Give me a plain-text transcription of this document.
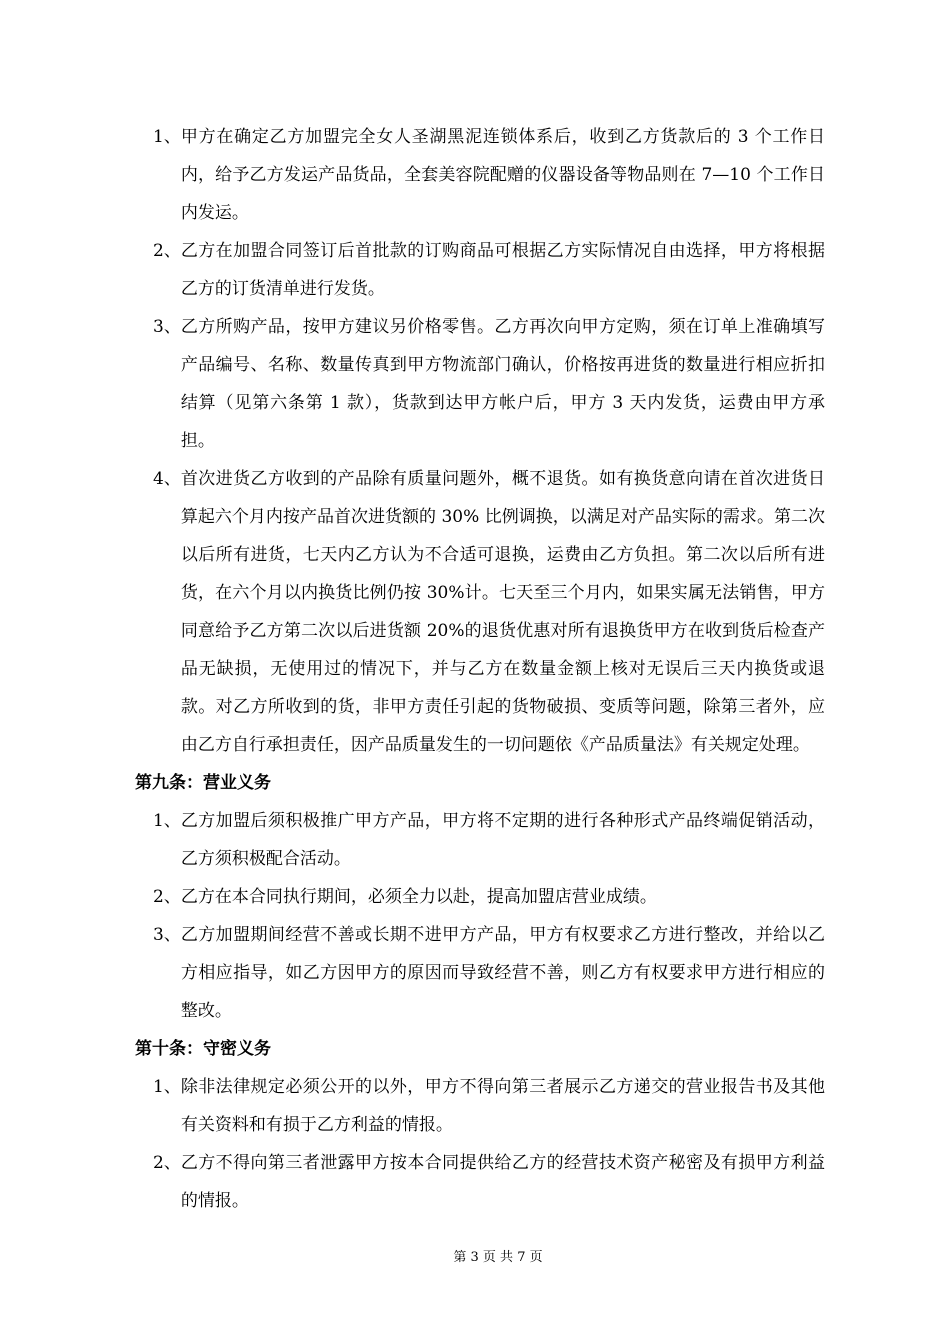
1、 甲方在确定乙方加盟完全女人圣湖黑泥连锁体系后，收到乙方货款后的 3 个工作日内，给予乙方发运产品货品，全套美容院配赠的仪器设备等物品则在 7—10 个工作日内发运。
2、 乙方在加盟合同签订后首批款的订购商品可根据乙方实际情况自由选择，甲方将根据乙方的订货清单进行发货。
3、 乙方所购产品，按甲方建议另价格零售。乙方再次向甲方定购，须在订单上准确填写产品编号、名称、数量传真到甲方物流部门确认，价格按再进货的数量进行相应折扣结算（见第六条第 1 款），货款到达甲方帐户后，甲方 3 天内发货，运费由甲方承担。
4、 首次进货乙方收到的产品除有质量问题外，概不退货。如有换货意向请在首次进货日算起六个月内按产品首次进货额的 30% 比例调换，以满足对产品实际的需求。第二次以后所有进货，七天内乙方认为不合适可退换，运费由乙方负担。第二次以后所有进货，在六个月以内换货比例仍按 30%计。七天至三个月内，如果实属无法销售，甲方同意给予乙方第二次以后进货额 20%的退货优惠对所有退换货甲方在收到货后检查产品无缺损，无使用过的情况下，并与乙方在数量金额上核对无误后三天内换货或退款。对乙方所收到的货，非甲方责任引起的货物破损、变质等问题，除第三者外，应由乙方自行承担责任，因产品质量发生的一切问题依《产品质量法》有关规定处理。
第九条：营业义务
1、 乙方加盟后须积极推广甲方产品，甲方将不定期的进行各种形式产品终端促销活动，乙方须积极配合活动。
2、 乙方在本合同执行期间，必须全力以赴，提高加盟店营业成绩。
3、 乙方加盟期间经营不善或长期不进甲方产品，甲方有权要求乙方进行整改，并给以乙方相应指导，如乙方因甲方的原因而导致经营不善，则乙方有权要求甲方进行相应的整改。
第十条：守密义务
1、 除非法律规定必须公开的以外，甲方不得向第三者展示乙方递交的营业报告书及其他有关资料和有损于乙方利益的情报。
2、 乙方不得向第三者泄露甲方按本合同提供给乙方的经营技术资产秘密及有损甲方利益的情报。
第 3 页 共 7 页
